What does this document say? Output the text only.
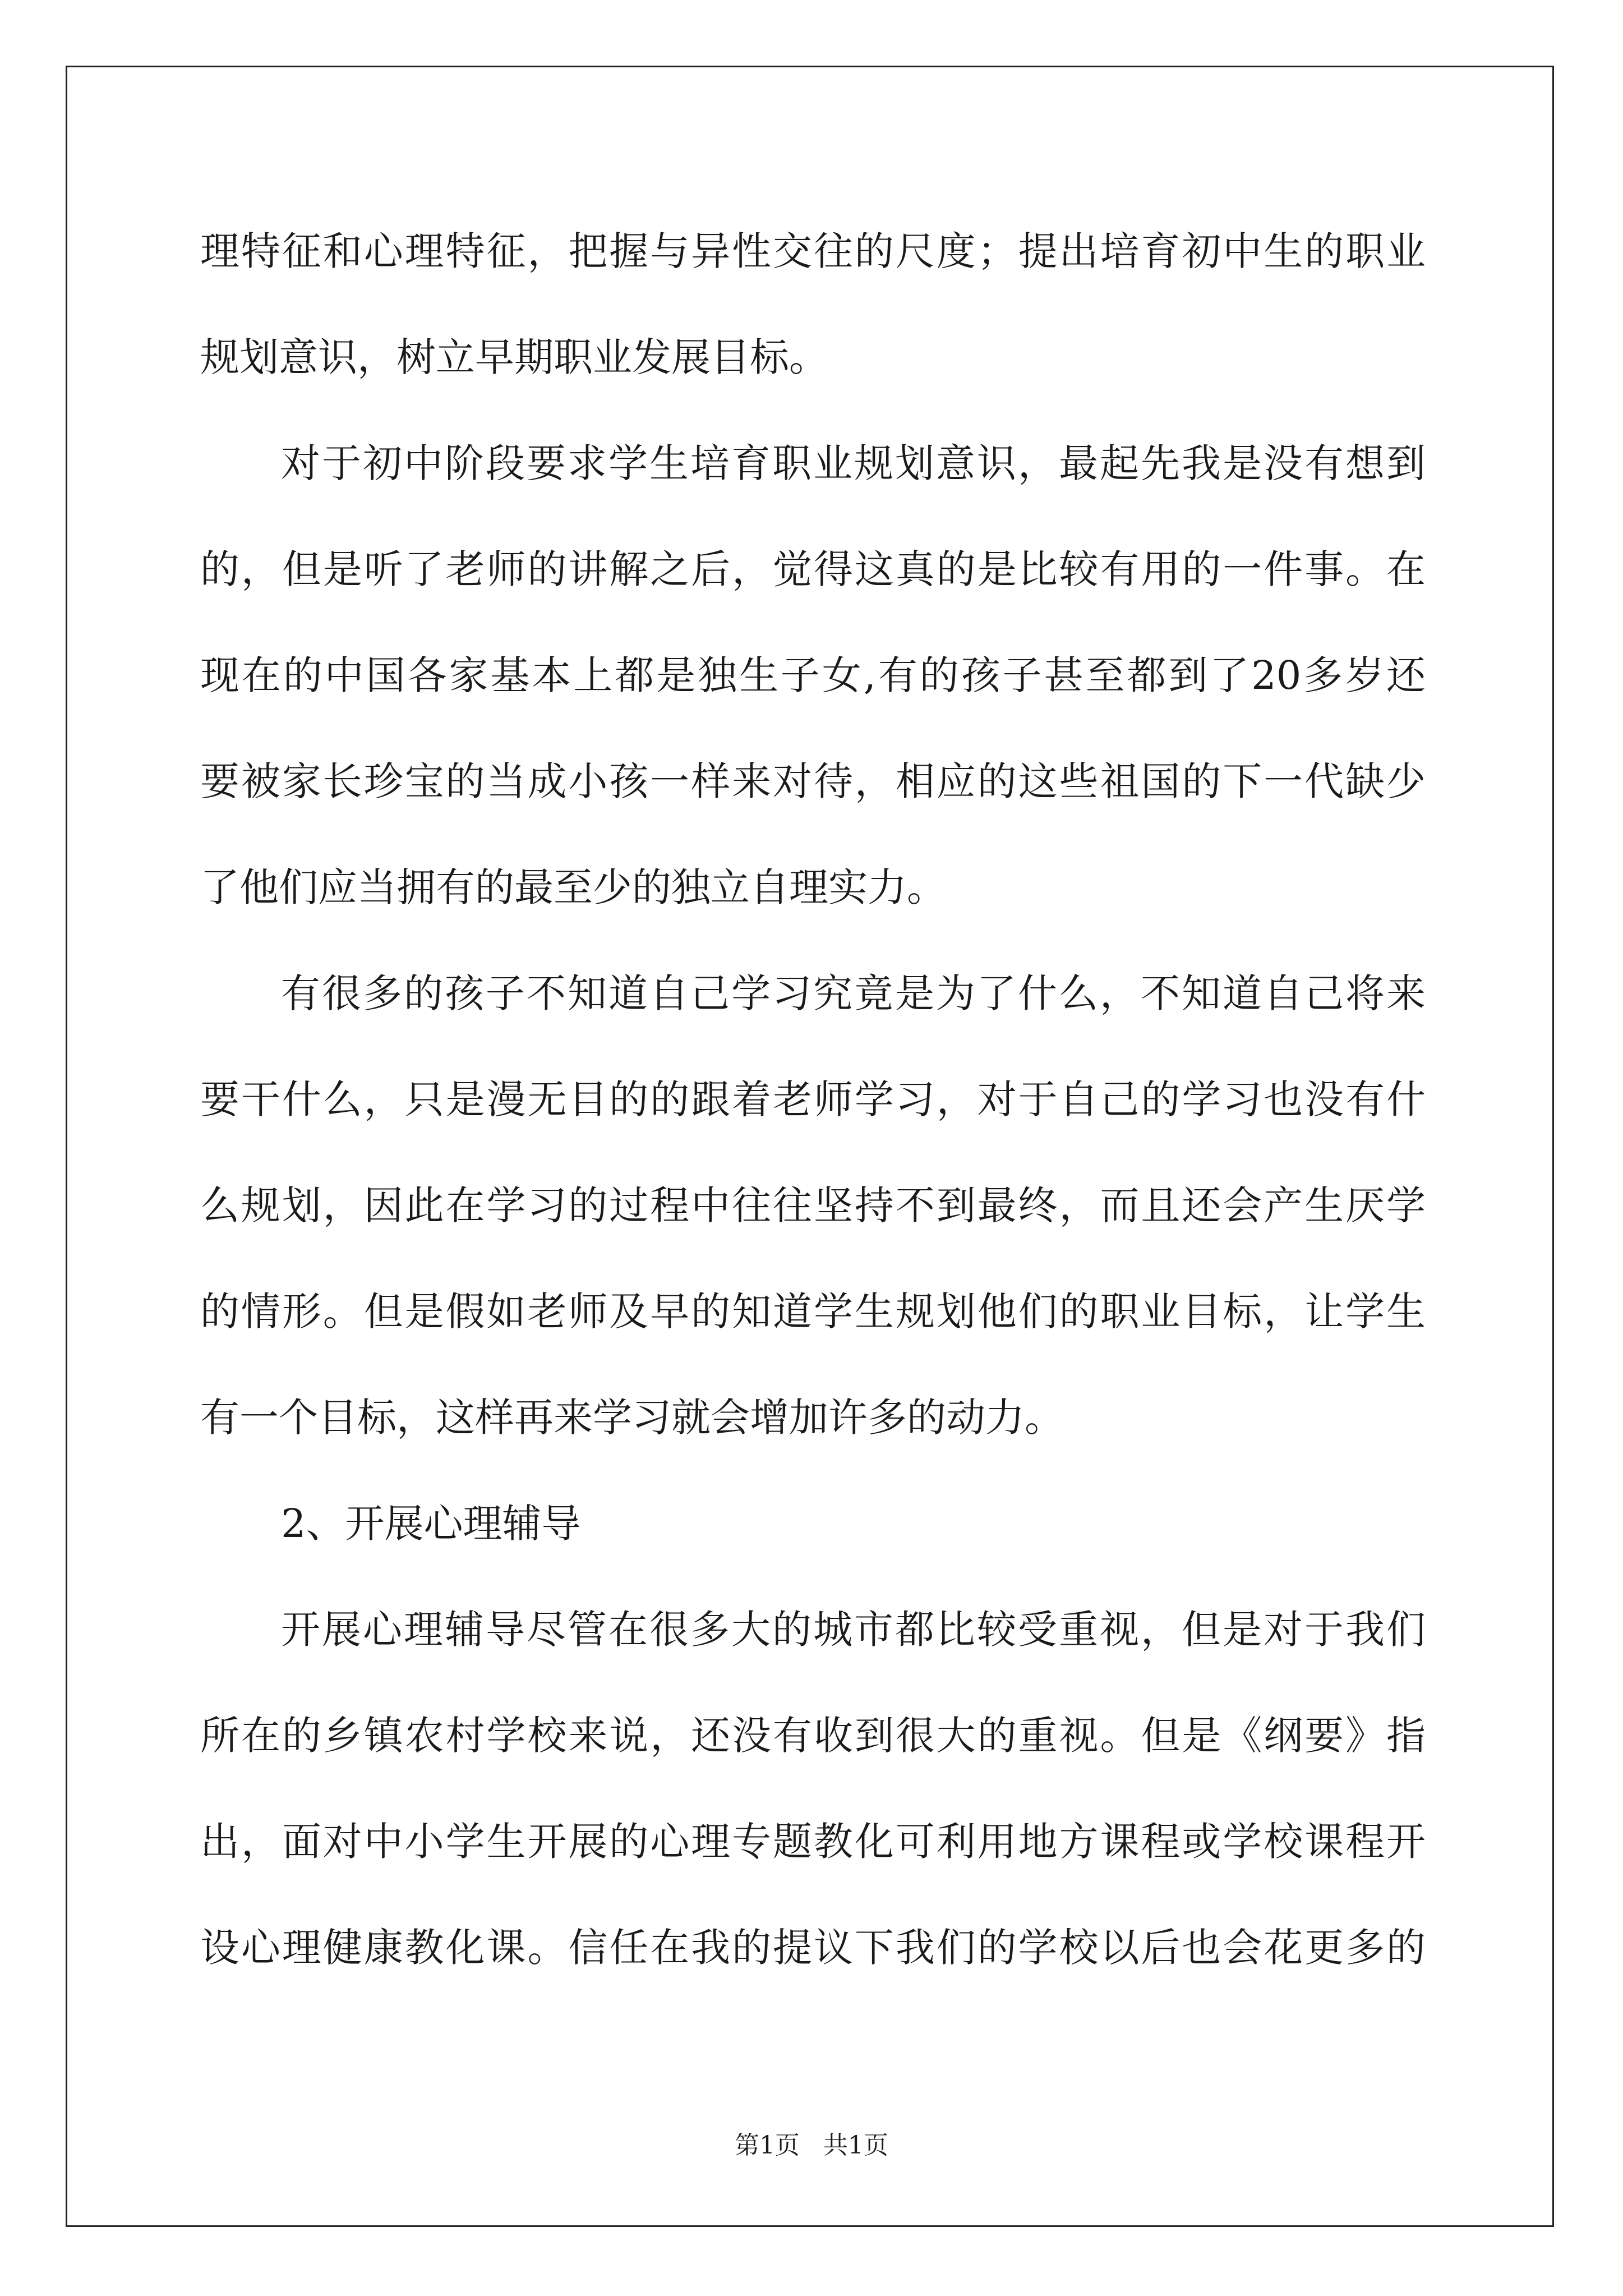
理特征和心理特征，把握与异性交往的尺度；提出培育初中生的职业
规划意识，树立早期职业发展目标。
对于初中阶段要求学生培育职业规划意识，最起先我是没有想到
的，但是听了老师的讲解之后，觉得这真的是比较有用的一件事。在
现在的中国各家基本上都是独生子女,有的孩子甚至都到了20多岁还
要被家长珍宝的当成小孩一样来对待，相应的这些祖国的下一代缺少
了他们应当拥有的最至少的独立自理实力。
有很多的孩子不知道自己学习究竟是为了什么，不知道自己将来
要干什么，只是漫无目的的跟着老师学习，对于自己的学习也没有什
么规划，因此在学习的过程中往往坚持不到最终，而且还会产生厌学
的情形。但是假如老师及早的知道学生规划他们的职业目标，让学生
有一个目标，这样再来学习就会增加许多的动力。
2、开展心理辅导
开展心理辅导尽管在很多大的城市都比较受重视，但是对于我们
所在的乡镇农村学校来说，还没有收到很大的重视。但是《纲要》指
出，面对中小学生开展的心理专题教化可利用地方课程或学校课程开
设心理健康教化课。信任在我的提议下我们的学校以后也会花更多的
第1页   共1页
